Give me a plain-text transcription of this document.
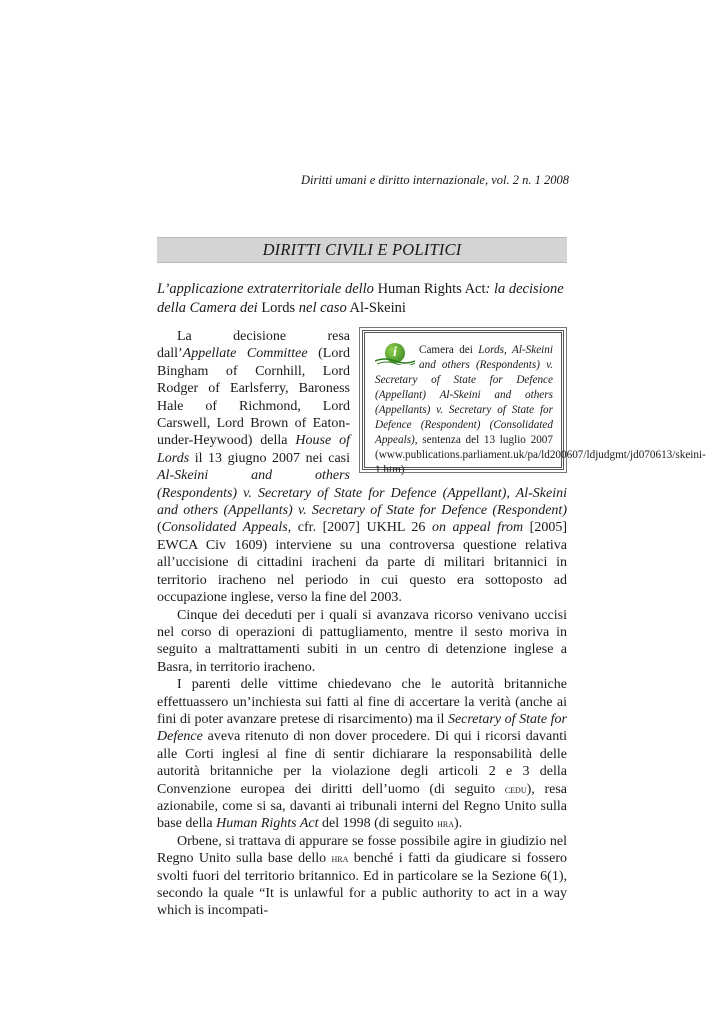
Diritti umani e diritto internazionale, vol. 2 n. 1 2008
DIRITTI CIVILI E POLITICI
L’applicazione extraterritoriale dello Human Rights Act: la decisione della Camera dei Lords nel caso Al-Skeini
i	Camera dei Lords, Al-Skeini and others (Respondents) v. Secretary of State for Defence (Appellant) Al-Skeini and others (Appellants) v. Secretary of State for Defence (Respondent) (Consolidated Appeals), sentenza del 13 luglio 2007 (www.publications.parliament.uk/pa/ld200607/ldjudgmt/jd070613/skeini-1.htm)

La decisione resa dall’Appellate Committee (Lord Bingham of Cornhill, Lord Rodger of Earlsferry, Baroness Hale of Richmond, Lord Carswell, Lord Brown of Eaton-under-Heywood) della House of Lords il 13 giugno 2007 nei casi Al-Skeini and others (Respondents) v. Secretary of State for Defence (Appellant), Al-Skeini and others (Appellants) v. Secretary of State for Defence (Respondent) (Consolidated Appeals, cfr. [2007] UKHL 26 on appeal from [2005] EWCA Civ 1609) interviene su una controversa questione relativa all’uccisione di cittadini iracheni da parte di militari britannici in territorio iracheno nel periodo in cui questo era sottoposto ad occupazione inglese, verso la fine del 2003.

Cinque dei deceduti per i quali si avanzava ricorso venivano uccisi nel corso di operazioni di pattugliamento, mentre il sesto moriva in seguito a maltrattamenti subiti in un centro di detenzione inglese a Basra, in territorio iracheno.

I parenti delle vittime chiedevano che le autorità britanniche effettuassero un’inchiesta sui fatti al fine di accertare la verità (anche ai fini di poter avanzare pretese di risarcimento) ma il Secretary of State for Defence aveva ritenuto di non dover procedere. Di qui i ricorsi davanti alle Corti inglesi al fine di sentir dichiarare la responsabilità delle autorità britanniche per la violazione degli articoli 2 e 3 della Convenzione europea dei diritti dell’uomo (di seguito cedu), resa azionabile, come si sa, davanti ai tribunali interni del Regno Unito sulla base della Human Rights Act del 1998 (di seguito hra).

Orbene, si trattava di appurare se fosse possibile agire in giudizio nel Regno Unito sulla base dello hra benché i fatti da giudicare si fossero svolti fuori del territorio britannico. Ed in particolare se la Sezione 6(1), secondo la quale “It is unlawful for a public authority to act in a way which is incompati-
